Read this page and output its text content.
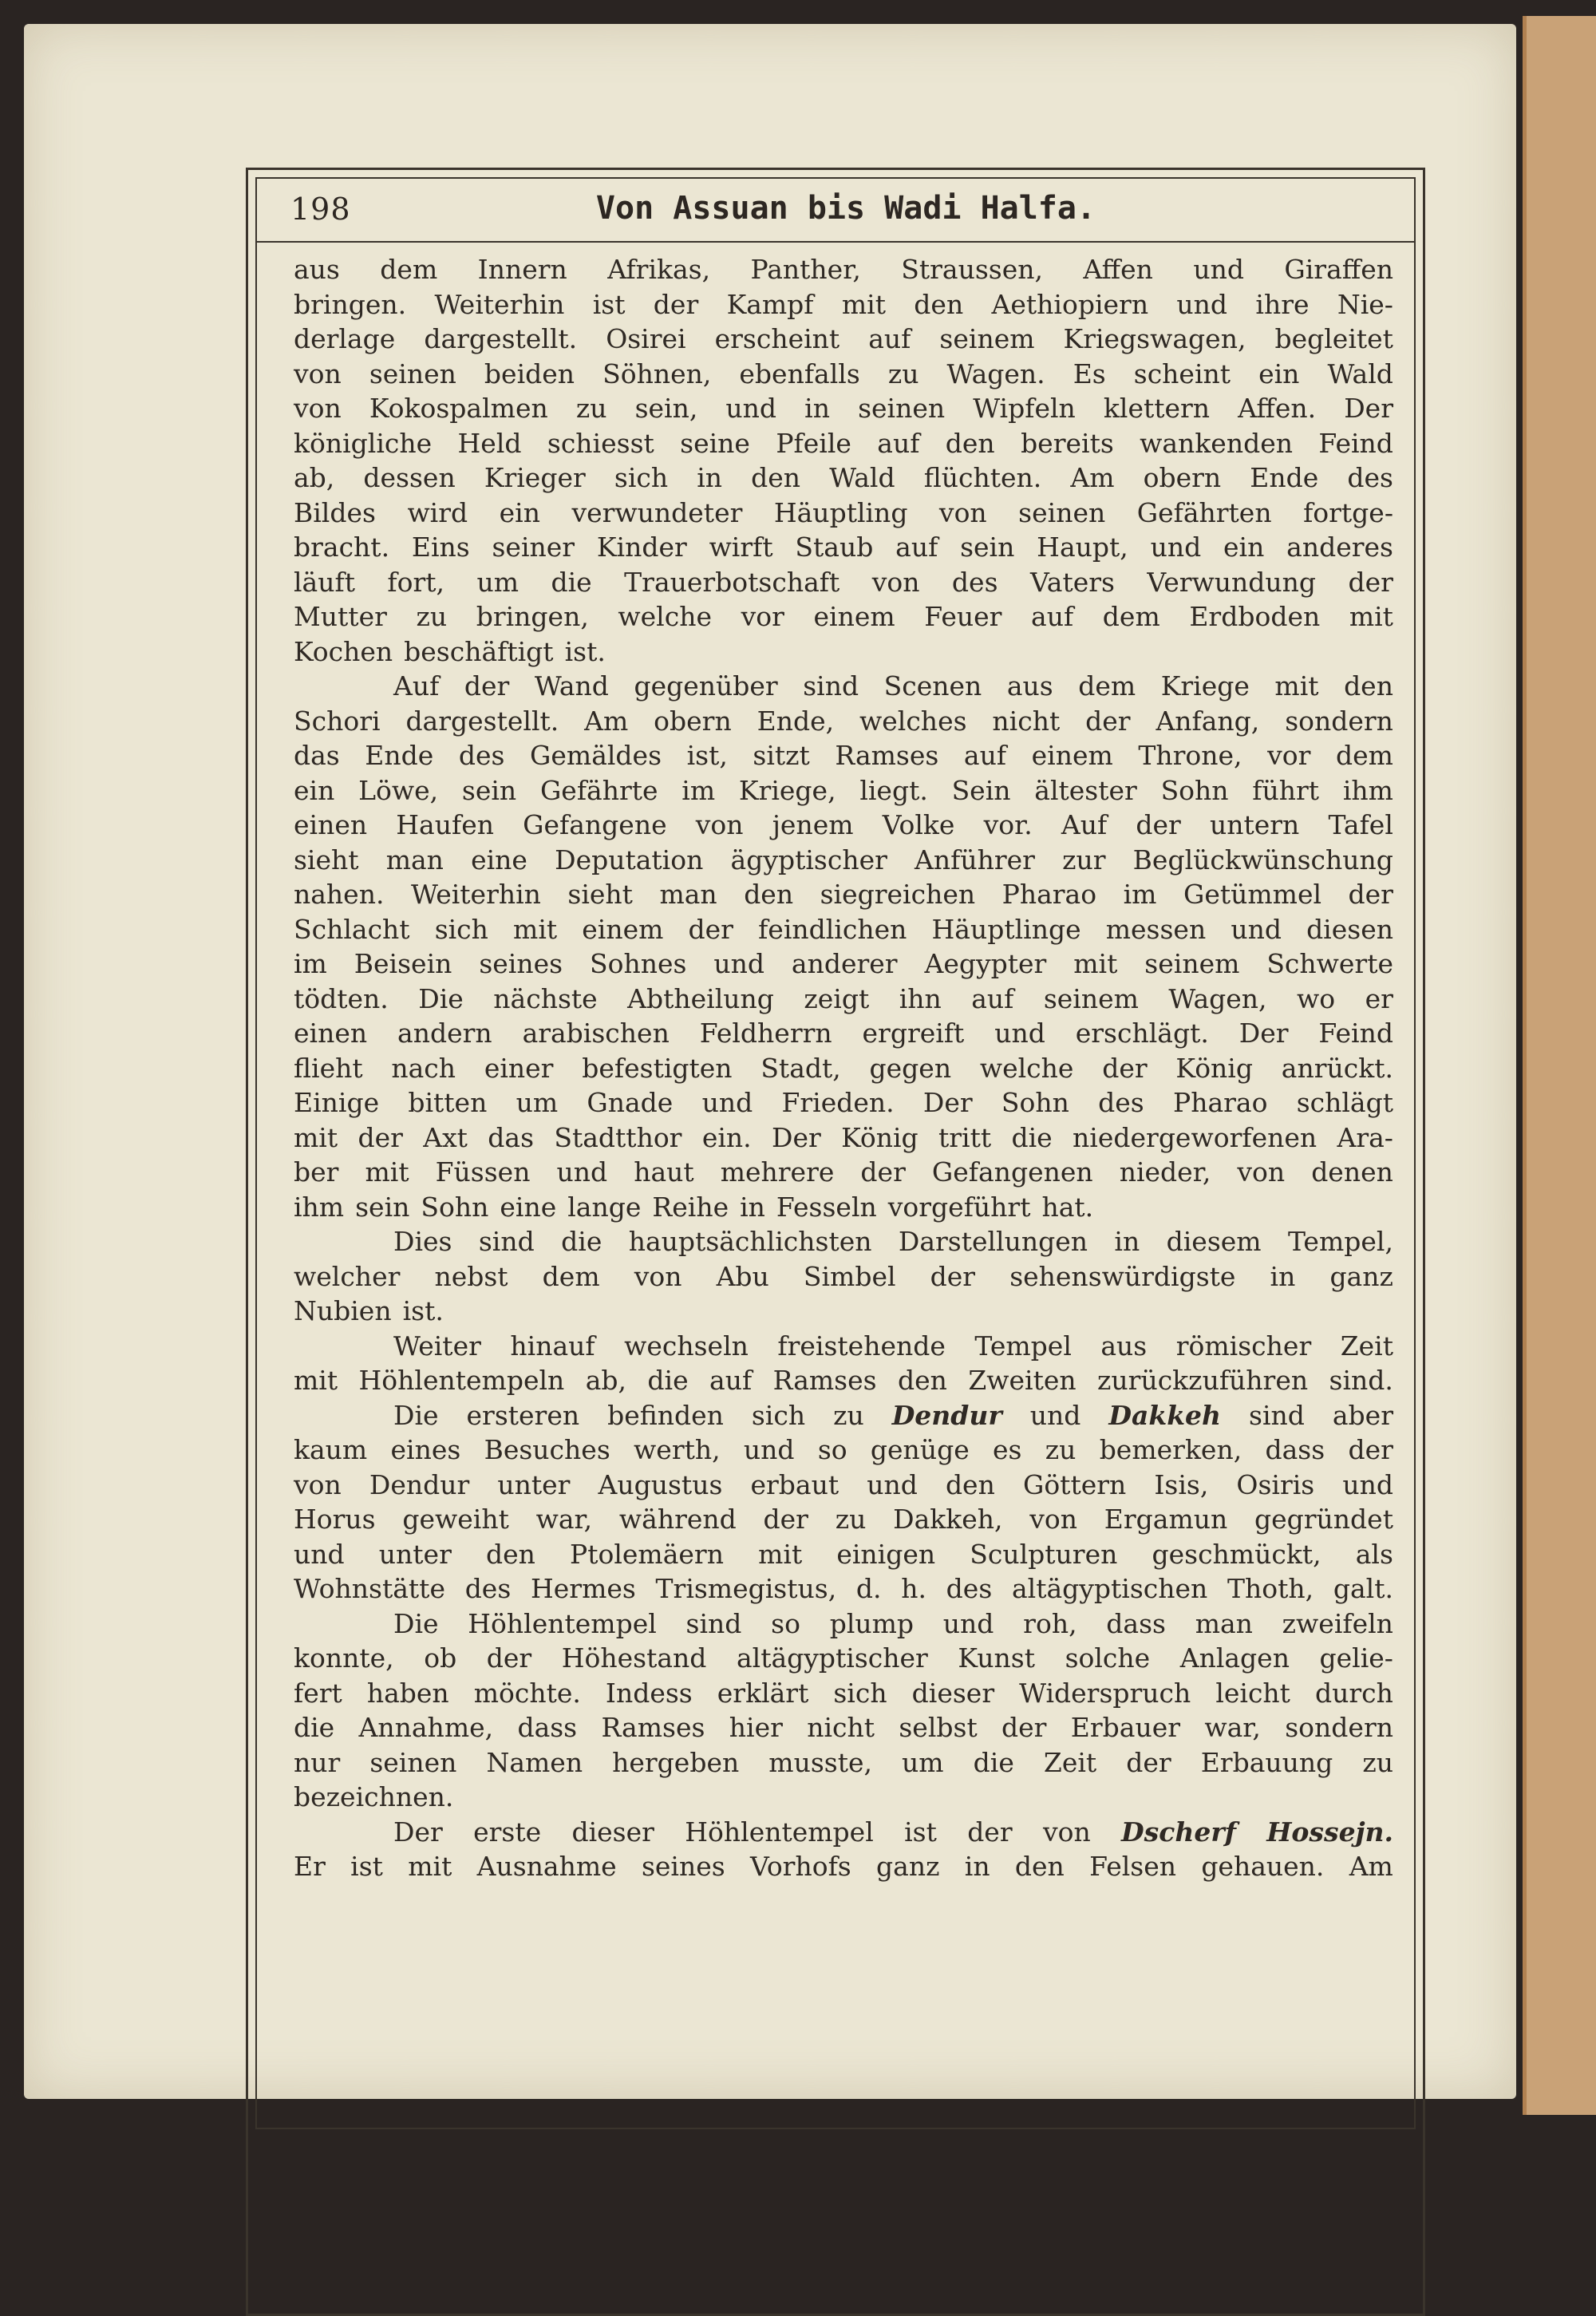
198	Von Assuan bis Wadi Halfa.
aus dem Innern Afrikas, Panther, Straussen, Affen und Giraffen
bringen. Weiterhin ist der Kampf mit den Aethiopiern und ihre Nie-
derlage dargestellt. Osirei erscheint auf seinem Kriegswagen, begleitet
von seinen beiden Söhnen, ebenfalls zu Wagen. Es scheint ein Wald
von Kokospalmen zu sein, und in seinen Wipfeln klettern Affen. Der
königliche Held schiesst seine Pfeile auf den bereits wankenden Feind
ab, dessen Krieger sich in den Wald flüchten. Am obern Ende des
Bildes wird ein verwundeter Häuptling von seinen Gefährten fortge-
bracht. Eins seiner Kinder wirft Staub auf sein Haupt, und ein anderes
läuft fort, um die Trauerbotschaft von des Vaters Verwundung der
Mutter zu bringen, welche vor einem Feuer auf dem Erdboden mit
Kochen beschäftigt ist.
Auf der Wand gegenüber sind Scenen aus dem Kriege mit den
Schori dargestellt. Am obern Ende, welches nicht der Anfang, sondern
das Ende des Gemäldes ist, sitzt Ramses auf einem Throne, vor dem
ein Löwe, sein Gefährte im Kriege, liegt. Sein ältester Sohn führt ihm
einen Haufen Gefangene von jenem Volke vor. Auf der untern Tafel
sieht man eine Deputation ägyptischer Anführer zur Beglückwünschung
nahen. Weiterhin sieht man den siegreichen Pharao im Getümmel der
Schlacht sich mit einem der feindlichen Häuptlinge messen und diesen
im Beisein seines Sohnes und anderer Aegypter mit seinem Schwerte
tödten. Die nächste Abtheilung zeigt ihn auf seinem Wagen, wo er
einen andern arabischen Feldherrn ergreift und erschlägt. Der Feind
flieht nach einer befestigten Stadt, gegen welche der König anrückt.
Einige bitten um Gnade und Frieden. Der Sohn des Pharao schlägt
mit der Axt das Stadtthor ein. Der König tritt die niedergeworfenen Ara-
ber mit Füssen und haut mehrere der Gefangenen nieder, von denen
ihm sein Sohn eine lange Reihe in Fesseln vorgeführt hat.
Dies sind die hauptsächlichsten Darstellungen in diesem Tempel,
welcher nebst dem von Abu Simbel der sehenswürdigste in ganz
Nubien ist.
Weiter hinauf wechseln freistehende Tempel aus römischer Zeit
mit Höhlentempeln ab, die auf Ramses den Zweiten zurückzuführen sind.
Die ersteren befinden sich zu Dendur und Dakkeh sind aber
kaum eines Besuches werth, und so genüge es zu bemerken, dass der
von Dendur unter Augustus erbaut und den Göttern Isis, Osiris und
Horus geweiht war, während der zu Dakkeh, von Ergamun gegründet
und unter den Ptolemäern mit einigen Sculpturen geschmückt, als
Wohnstätte des Hermes Trismegistus, d. h. des altägyptischen Thoth, galt.
Die Höhlentempel sind so plump und roh, dass man zweifeln
konnte, ob der Höhestand altägyptischer Kunst solche Anlagen gelie-
fert haben möchte. Indess erklärt sich dieser Widerspruch leicht durch
die Annahme, dass Ramses hier nicht selbst der Erbauer war, sondern
nur seinen Namen hergeben musste, um die Zeit der Erbauung zu
bezeichnen.
Der erste dieser Höhlentempel ist der von Dscherf Hossejn.
Er ist mit Ausnahme seines Vorhofs ganz in den Felsen gehauen. Am
